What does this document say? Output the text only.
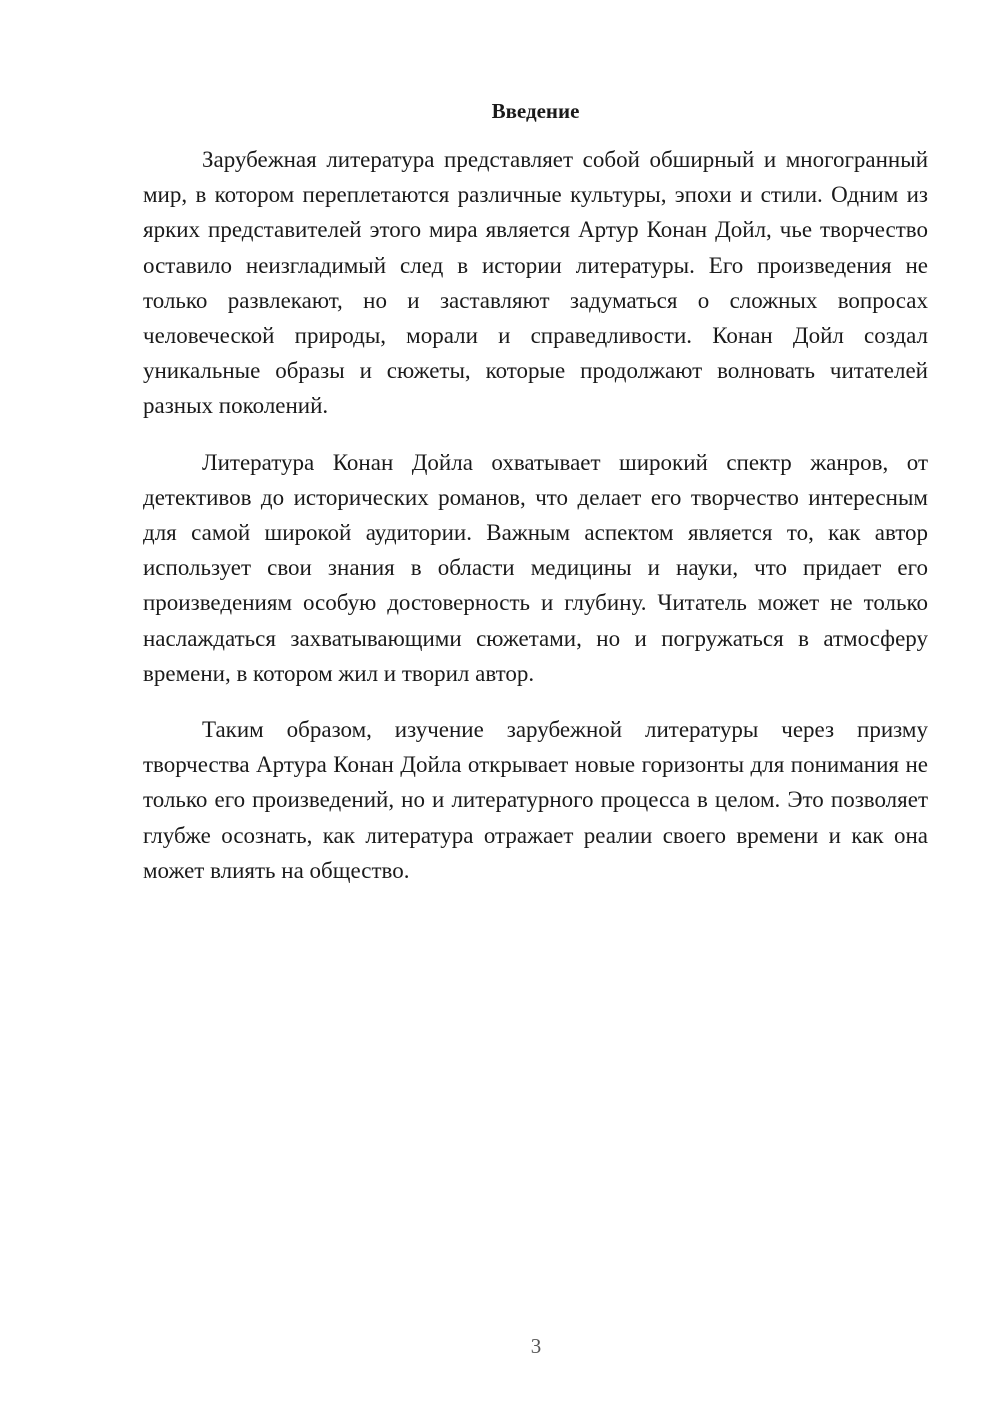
Введение

Зарубежная литература представляет собой обширный и многогранный мир, в котором переплетаются различные культуры, эпохи и стили. Одним из ярких представителей этого мира является Артур Конан Дойл, чье творчество оставило неизгладимый след в истории литературы. Его произведения не только развлекают, но и заставляют задуматься о сложных вопросах человеческой природы, морали и справедливости. Конан Дойл создал уникальные образы и сюжеты, которые продолжают волновать читателей разных поколений.

Литература Конан Дойла охватывает широкий спектр жанров, от детективов до исторических романов, что делает его творчество интересным для самой широкой аудитории. Важным аспектом является то, как автор использует свои знания в области медицины и науки, что придает его произведениям особую достоверность и глубину. Читатель может не только наслаждаться захватывающими сюжетами, но и погружаться в атмосферу времени, в котором жил и творил автор.

Таким образом, изучение зарубежной литературы через призму творчества Артура Конан Дойла открывает новые горизонты для понимания не только его произведений, но и литературного процесса в целом. Это позволяет глубже осознать, как литература отражает реалии своего времени и как она может влиять на общество.

3
